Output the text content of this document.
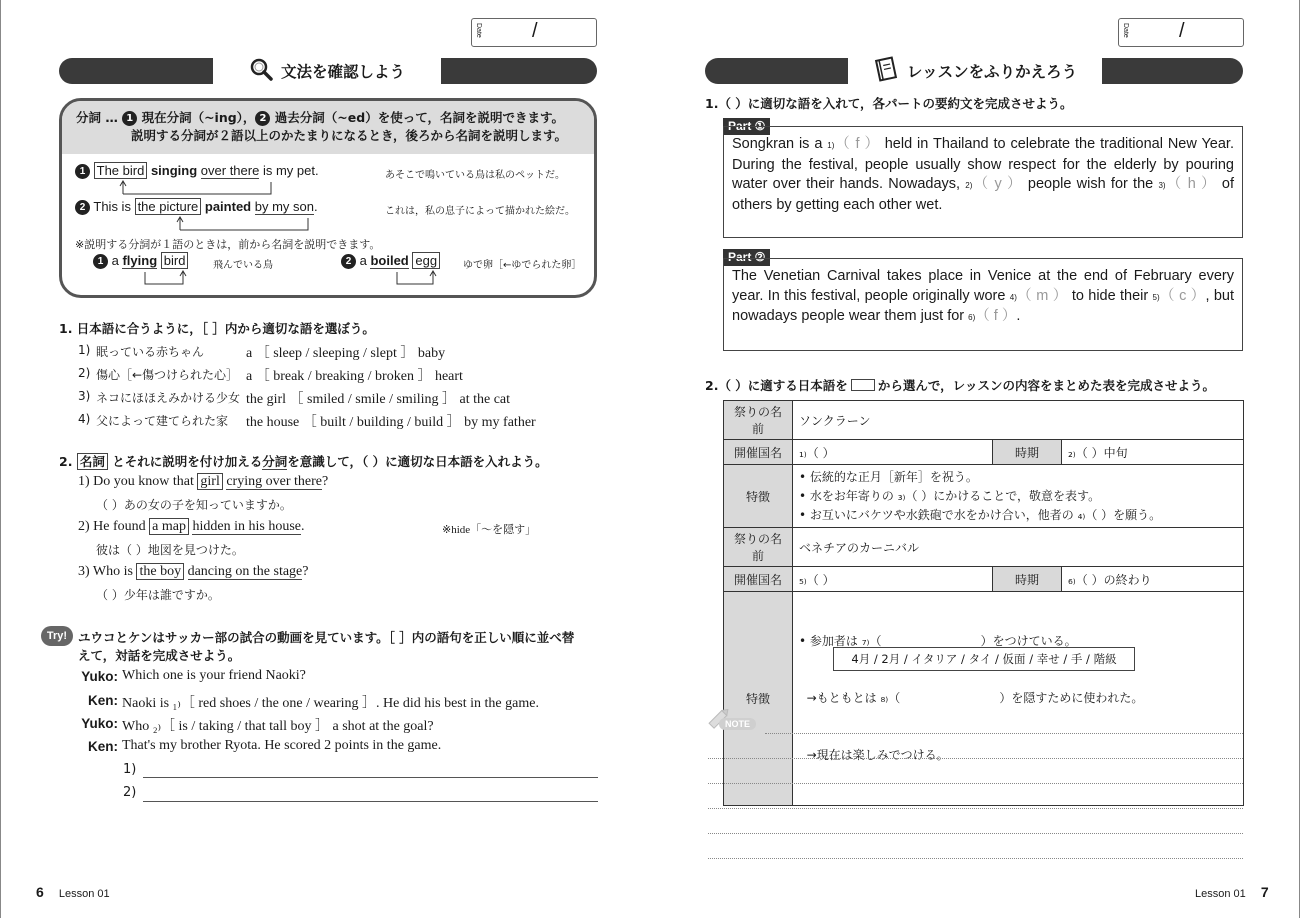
Date	/
文法を確認しよう
分詞 … 1 現在分詞（~ing）， 2 過去分詞（~ed）を使って，名詞を説明できます。
説明する分詞が２語以上のかたまりになるとき，後ろから名詞を説明します。
1 The bird singing over there is my pet.	あそこで鳴いている鳥は私のペットだ。
2 This is the picture painted by my son.	これは，私の息子によって描かれた絵だ。
※説明する分詞が１語のときは，前から名詞を説明できます。
1 a flying bird	飛んでいる鳥	2 a boiled egg	ゆで卵［←ゆでられた卵］
1. 日本語に合うように，［ ］内から適切な語を選ぼう。
1) 眠っている赤ちゃん	a ［ sleep / sleeping / slept ］ baby
2) 傷心［←傷つけられた心］ a ［ break / breaking / broken ］ heart
3) ネコにほほえみかける少女 the girl ［ smiled / smile / smiling ］ at the cat
4) 父によって建てられた家 the house ［ built / building / build ］ by my father
2. 名詞 とそれに説明を付け加える分詞を意識して，（ ）に適切な日本語を入れよう。
1) Do you know that girl crying over there?
（ ）あの女の子を知っていますか。
2) He found a map hidden in his house.	※hide「～を隠す」
彼は（ ）地図を見つけた。
3) Who is the boy dancing on the stage?
（ ）少年は誰ですか。
Try! ユウコとケンはサッカー部の試合の動画を見ています。［ ］内の語句を正しい順に並べ替
えて，対話を完成させよう。
Yuko: Which one is your friend Naoki?
Ken: Naoki is ₁₎［ red shoes / the one / wearing ］. He did his best in the game.
Yuko: Who ₂₎［ is / taking / that tall boy ］ a shot at the goal?
Ken: That's my brother Ryota. He scored 2 points in the game.
1)
2)
6 Lesson 01
Date	/
レッスンをふりかえろう
1.（ ）に適切な語を入れて，各パートの要約文を完成させよう。
Part ①
Songkran is a 1)（ f ） held in Thailand to celebrate the traditional New Year. During the festival, people usually show respect for the elderly by pouring water over their hands. Nowadays, 2)（ y ） people wish for the 3)（ h ） of others by getting each other wet.
Part ②
The Venetian Carnival takes place in Venice at the end of February every year. In this festival, people originally wore 4)（ m ） to hide their 5)（ c ）, but nowadays people wear them just for 6)（ f ）.
2.（ ）に適する日本語を から選んで，レッスンの内容をまとめた表を完成させよう。
祭りの名前	ソンクラーン		
開催国名	₁₎（ ）	時期	₂₎（ ）中旬
特徴	• 伝統的な正月［新年］を祝う。
• 水をお年寄りの ₃₎（ ）にかけることで，敬意を表す。
• お互いにバケツや水鉄砲で水をかけ合い，他者の ₄₎（ ）を願う。		

祭りの名前	ベネチアのカーニバル		
開催国名	₅₎（ ）	時期	₆₎（ ）の終わり
特徴	• 参加者は ₇₎（                          ）をつけている。

→もともとは ₈₎（                          ）を隠すために使われた。

→現在は楽しみでつける。		

4月 / 2月 / イタリア / タイ / 仮面 / 幸せ / 手 / 階級
NOTE
Lesson 01 7
